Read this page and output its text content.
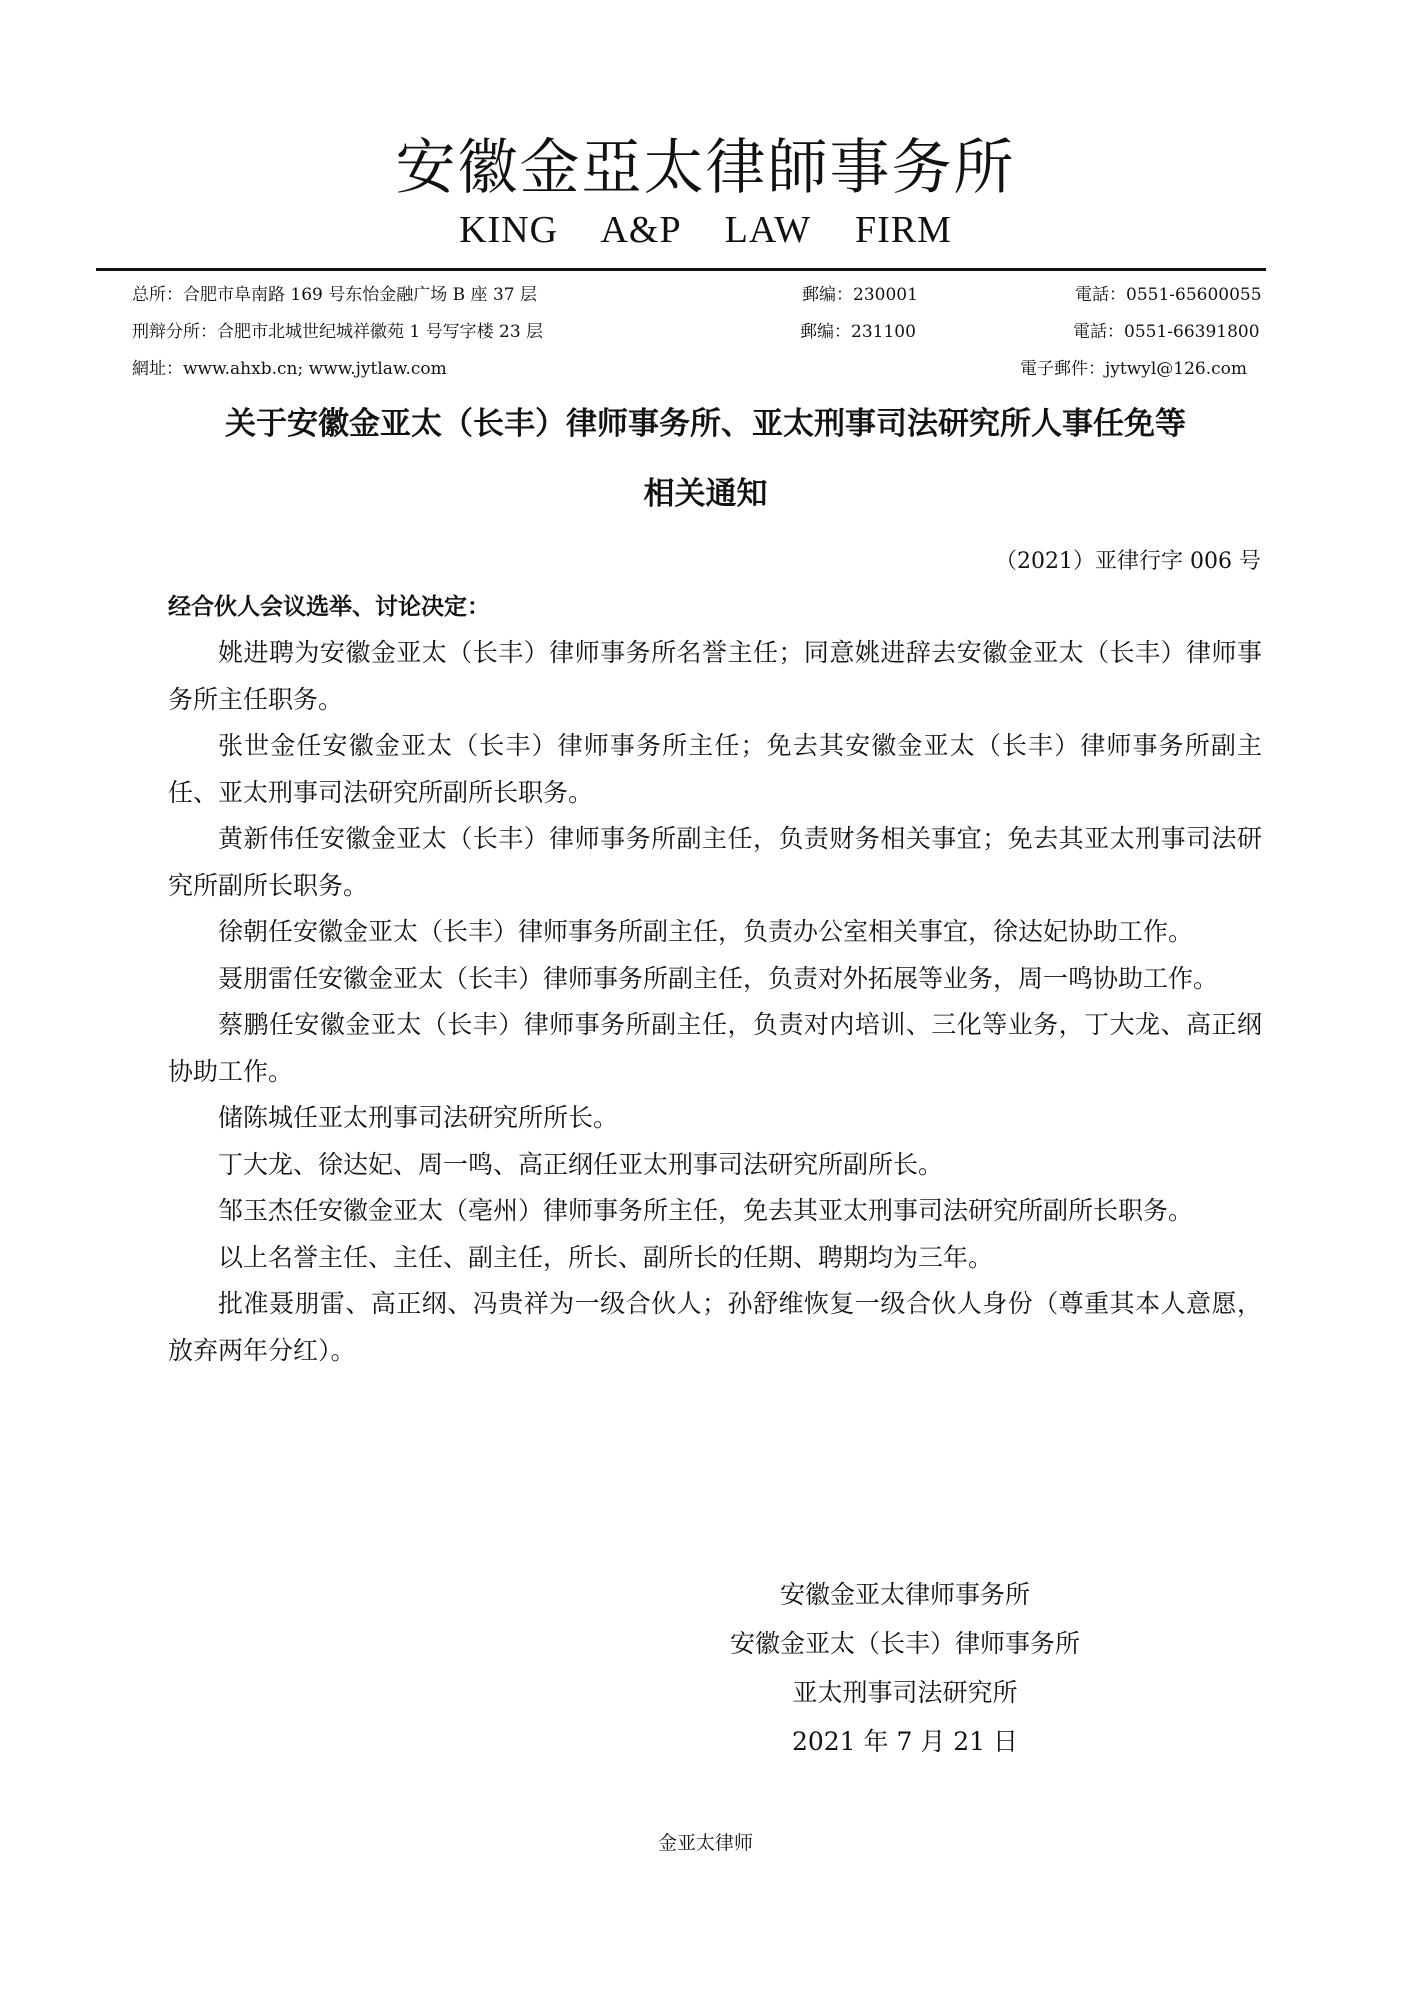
安徽金亞太律師事务所
KING A&P LAW FIRM
总所：合肥市阜南路 169 号东怡金融广场 B 座 37 层	郵编：230001	電話：0551-65600055
刑辩分所：合肥市北城世纪城祥徽苑 1 号写字楼 23 层	郵编：231100	電話：0551-66391800
網址：www.ahxb.cn; www.jytlaw.com	電子郵件：jytwyl@126.com
关于安徽金亚太（长丰）律师事务所、亚太刑事司法研究所人事任免等
相关通知
（2021）亚律行字 006 号
经合伙人会议选举、讨论决定：

姚进聘为安徽金亚太（长丰）律师事务所名誉主任；同意姚进辞去安徽金亚太（长丰）律师事务所主任职务。

张世金任安徽金亚太（长丰）律师事务所主任；免去其安徽金亚太（长丰）律师事务所副主任、亚太刑事司法研究所副所长职务。

黄新伟任安徽金亚太（长丰）律师事务所副主任，负责财务相关事宜；免去其亚太刑事司法研究所副所长职务。

徐朝任安徽金亚太（长丰）律师事务所副主任，负责办公室相关事宜，徐达妃协助工作。

聂朋雷任安徽金亚太（长丰）律师事务所副主任，负责对外拓展等业务，周一鸣协助工作。

蔡鹏任安徽金亚太（长丰）律师事务所副主任，负责对内培训、三化等业务，丁大龙、高正纲协助工作。

储陈城任亚太刑事司法研究所所长。

丁大龙、徐达妃、周一鸣、高正纲任亚太刑事司法研究所副所长。

邹玉杰任安徽金亚太（亳州）律师事务所主任，免去其亚太刑事司法研究所副所长职务。

以上名誉主任、主任、副主任，所长、副所长的任期、聘期均为三年。

批准聂朋雷、高正纲、冯贵祥为一级合伙人；孙舒维恢复一级合伙人身份（尊重其本人意愿，放弃两年分红）。

安徽金亚太律师事务所
安徽金亚太（长丰）律师事务所
亚太刑事司法研究所
2021 年 7 月 21 日
金亚太律师
